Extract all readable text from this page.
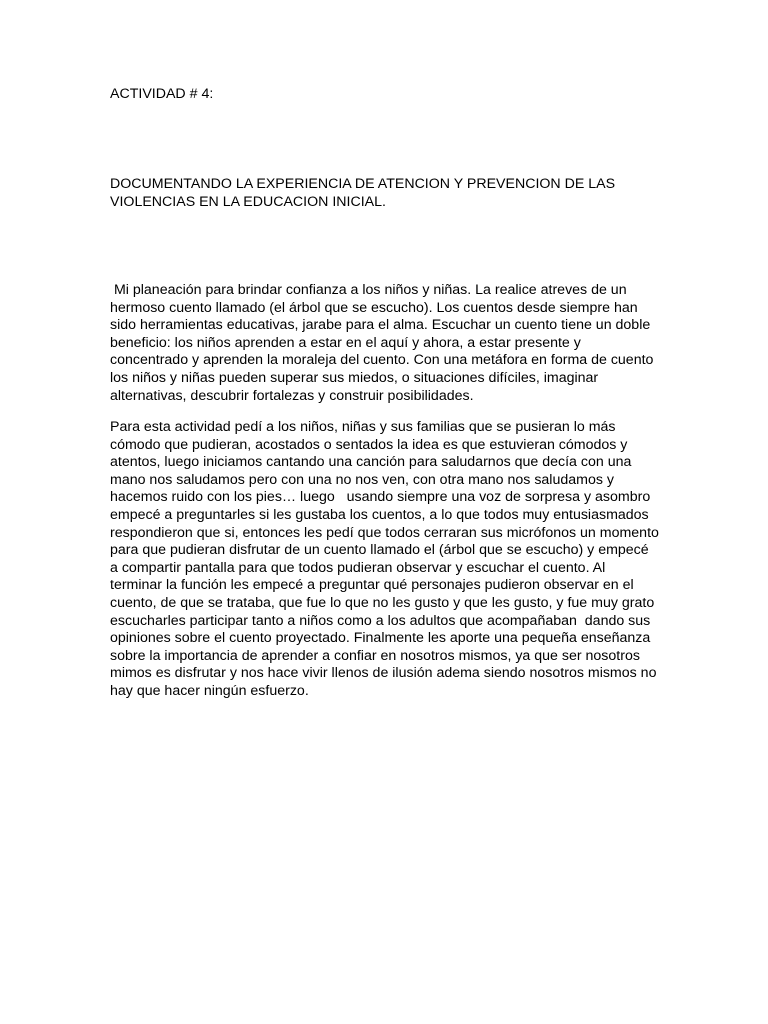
ACTIVIDAD # 4:

DOCUMENTANDO LA EXPERIENCIA DE ATENCION Y PREVENCION DE LAS VIOLENCIAS EN LA EDUCACION INICIAL.

Mi planeación para brindar confianza a los niños y niñas. La realice atreves de un hermoso cuento llamado (el árbol que se escucho). Los cuentos desde siempre han sido herramientas educativas, jarabe para el alma. Escuchar un cuento tiene un doble beneficio: los niños aprenden a estar en el aquí y ahora, a estar presente y concentrado y aprenden la moraleja del cuento. Con una metáfora en forma de cuento los niños y niñas pueden superar sus miedos, o situaciones difíciles, imaginar alternativas, descubrir fortalezas y construir posibilidades.

Para esta actividad pedí a los niños, niñas y sus familias que se pusieran lo más cómodo que pudieran, acostados o sentados la idea es que estuvieran cómodos y atentos, luego iniciamos cantando una canción para saludarnos que decía con una mano nos saludamos pero con una no nos ven, con otra mano nos saludamos y hacemos ruido con los pies… luego   usando siempre una voz de sorpresa y asombro empecé a preguntarles si les gustaba los cuentos, a lo que todos muy entusiasmados respondieron que si, entonces les pedí que todos cerraran sus micrófonos un momento para que pudieran disfrutar de un cuento llamado el (árbol que se escucho) y empecé a compartir pantalla para que todos pudieran observar y escuchar el cuento. Al terminar la función les empecé a preguntar qué personajes pudieron observar en el cuento, de que se trataba, que fue lo que no les gusto y que les gusto, y fue muy grato escucharles participar tanto a niños como a los adultos que acompañaban  dando sus opiniones sobre el cuento proyectado. Finalmente les aporte una pequeña enseñanza sobre la importancia de aprender a confiar en nosotros mismos, ya que ser nosotros mimos es disfrutar y nos hace vivir llenos de ilusión adema siendo nosotros mismos no hay que hacer ningún esfuerzo.
